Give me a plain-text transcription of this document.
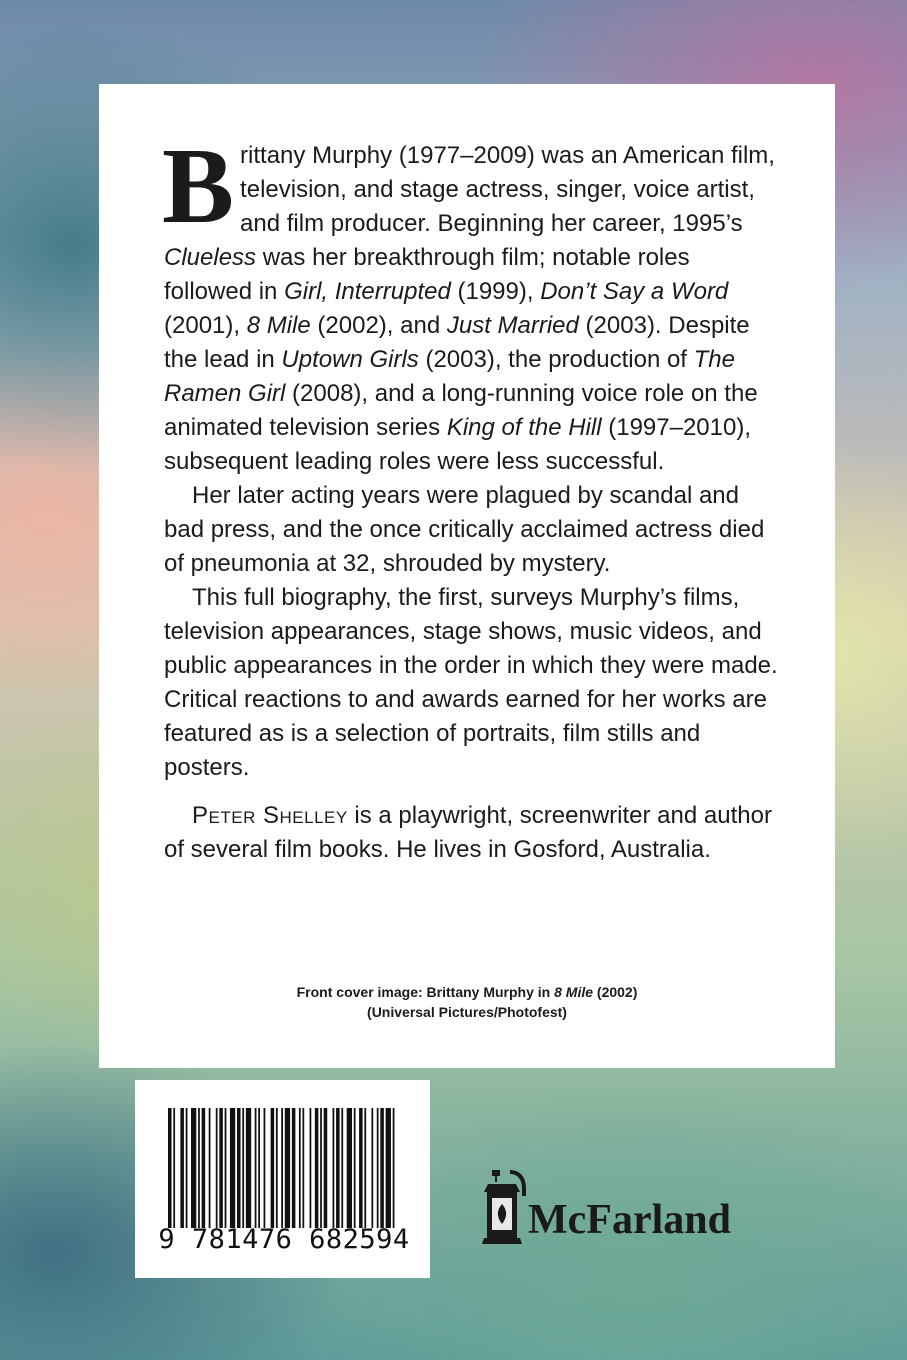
Brittany Murphy (1977–2009) was an American film, television, and stage actress, singer, voice artist, and film producer. Beginning her career, 1995’s Clueless was her breakthrough film; notable roles followed in Girl, Interrupted (1999), Don’t Say a Word (2001), 8 Mile (2002), and Just Married (2003). Despite the lead in Uptown Girls (2003), the production of The Ramen Girl (2008), and a long-running voice role on the animated television series King of the Hill (1997–2010), subsequent leading roles were less successful.

Her later acting years were plagued by scandal and bad press, and the once critically acclaimed actress died of pneumonia at 32, shrouded by mystery.

This full biography, the first, surveys Murphy’s films, television appearances, stage shows, music videos, and public appearances in the order in which they were made. Critical reactions to and awards earned for her works are featured as is a selection of portraits, film stills and posters.

Peter Shelley is a playwright, screenwriter and author of several film books. He lives in Gosford, Australia.

Front cover image: Brittany Murphy in 8 Mile (2002)
(Universal Pictures/Photofest)
9 781476 682594	McFarland
